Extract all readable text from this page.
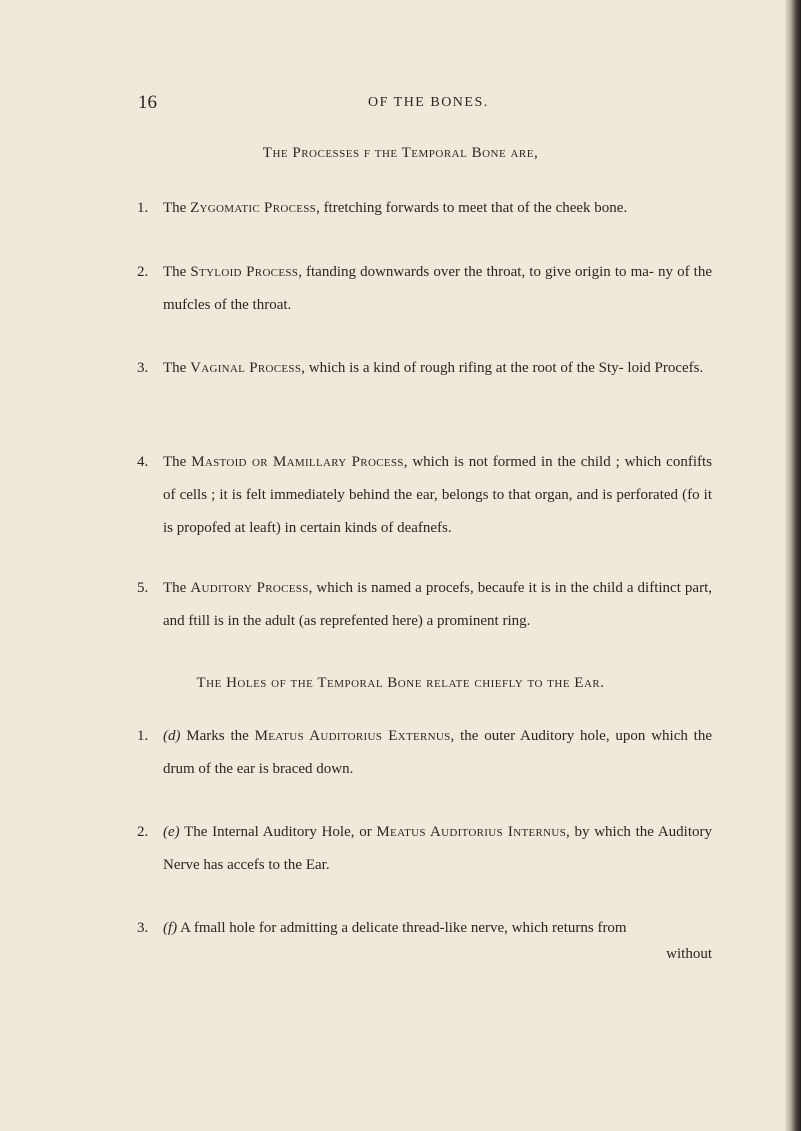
16	OF THE BONES.
The Processes f the Temporal Bone are,
1. The Zygomatic Process, ftretching forwards to meet that of the cheek bone.
2. The Styloid Process, ftanding downwards over the throat, to give origin to ma- ny of the mufcles of the throat.
3. The Vaginal Process, which is a kind of rough rifing at the root of the Sty- loid Procefs.
4. The Mastoid or Mamillary Process, which is not formed in the child ; which confifts of cells ; it is felt immediately behind the ear, belongs to that organ, and is perforated (fo it is propofed at leaft) in certain kinds of deafnefs.
5. The Auditory Process, which is named a procefs, becaufe it is in the child a diftinct part, and ftill is in the adult (as reprefented here) a prominent ring.
The Holes of the Temporal Bone relate chiefly to the Ear.
1. (d) Marks the Meatus Auditorius Externus, the outer Auditory hole, upon which the drum of the ear is braced down.
2. (e) The Internal Auditory Hole, or Meatus Auditorius Internus, by which the Auditory Nerve has accefs to the Ear.
3. (f) A fmall hole for admitting a delicate thread-like nerve, which returns from
without
